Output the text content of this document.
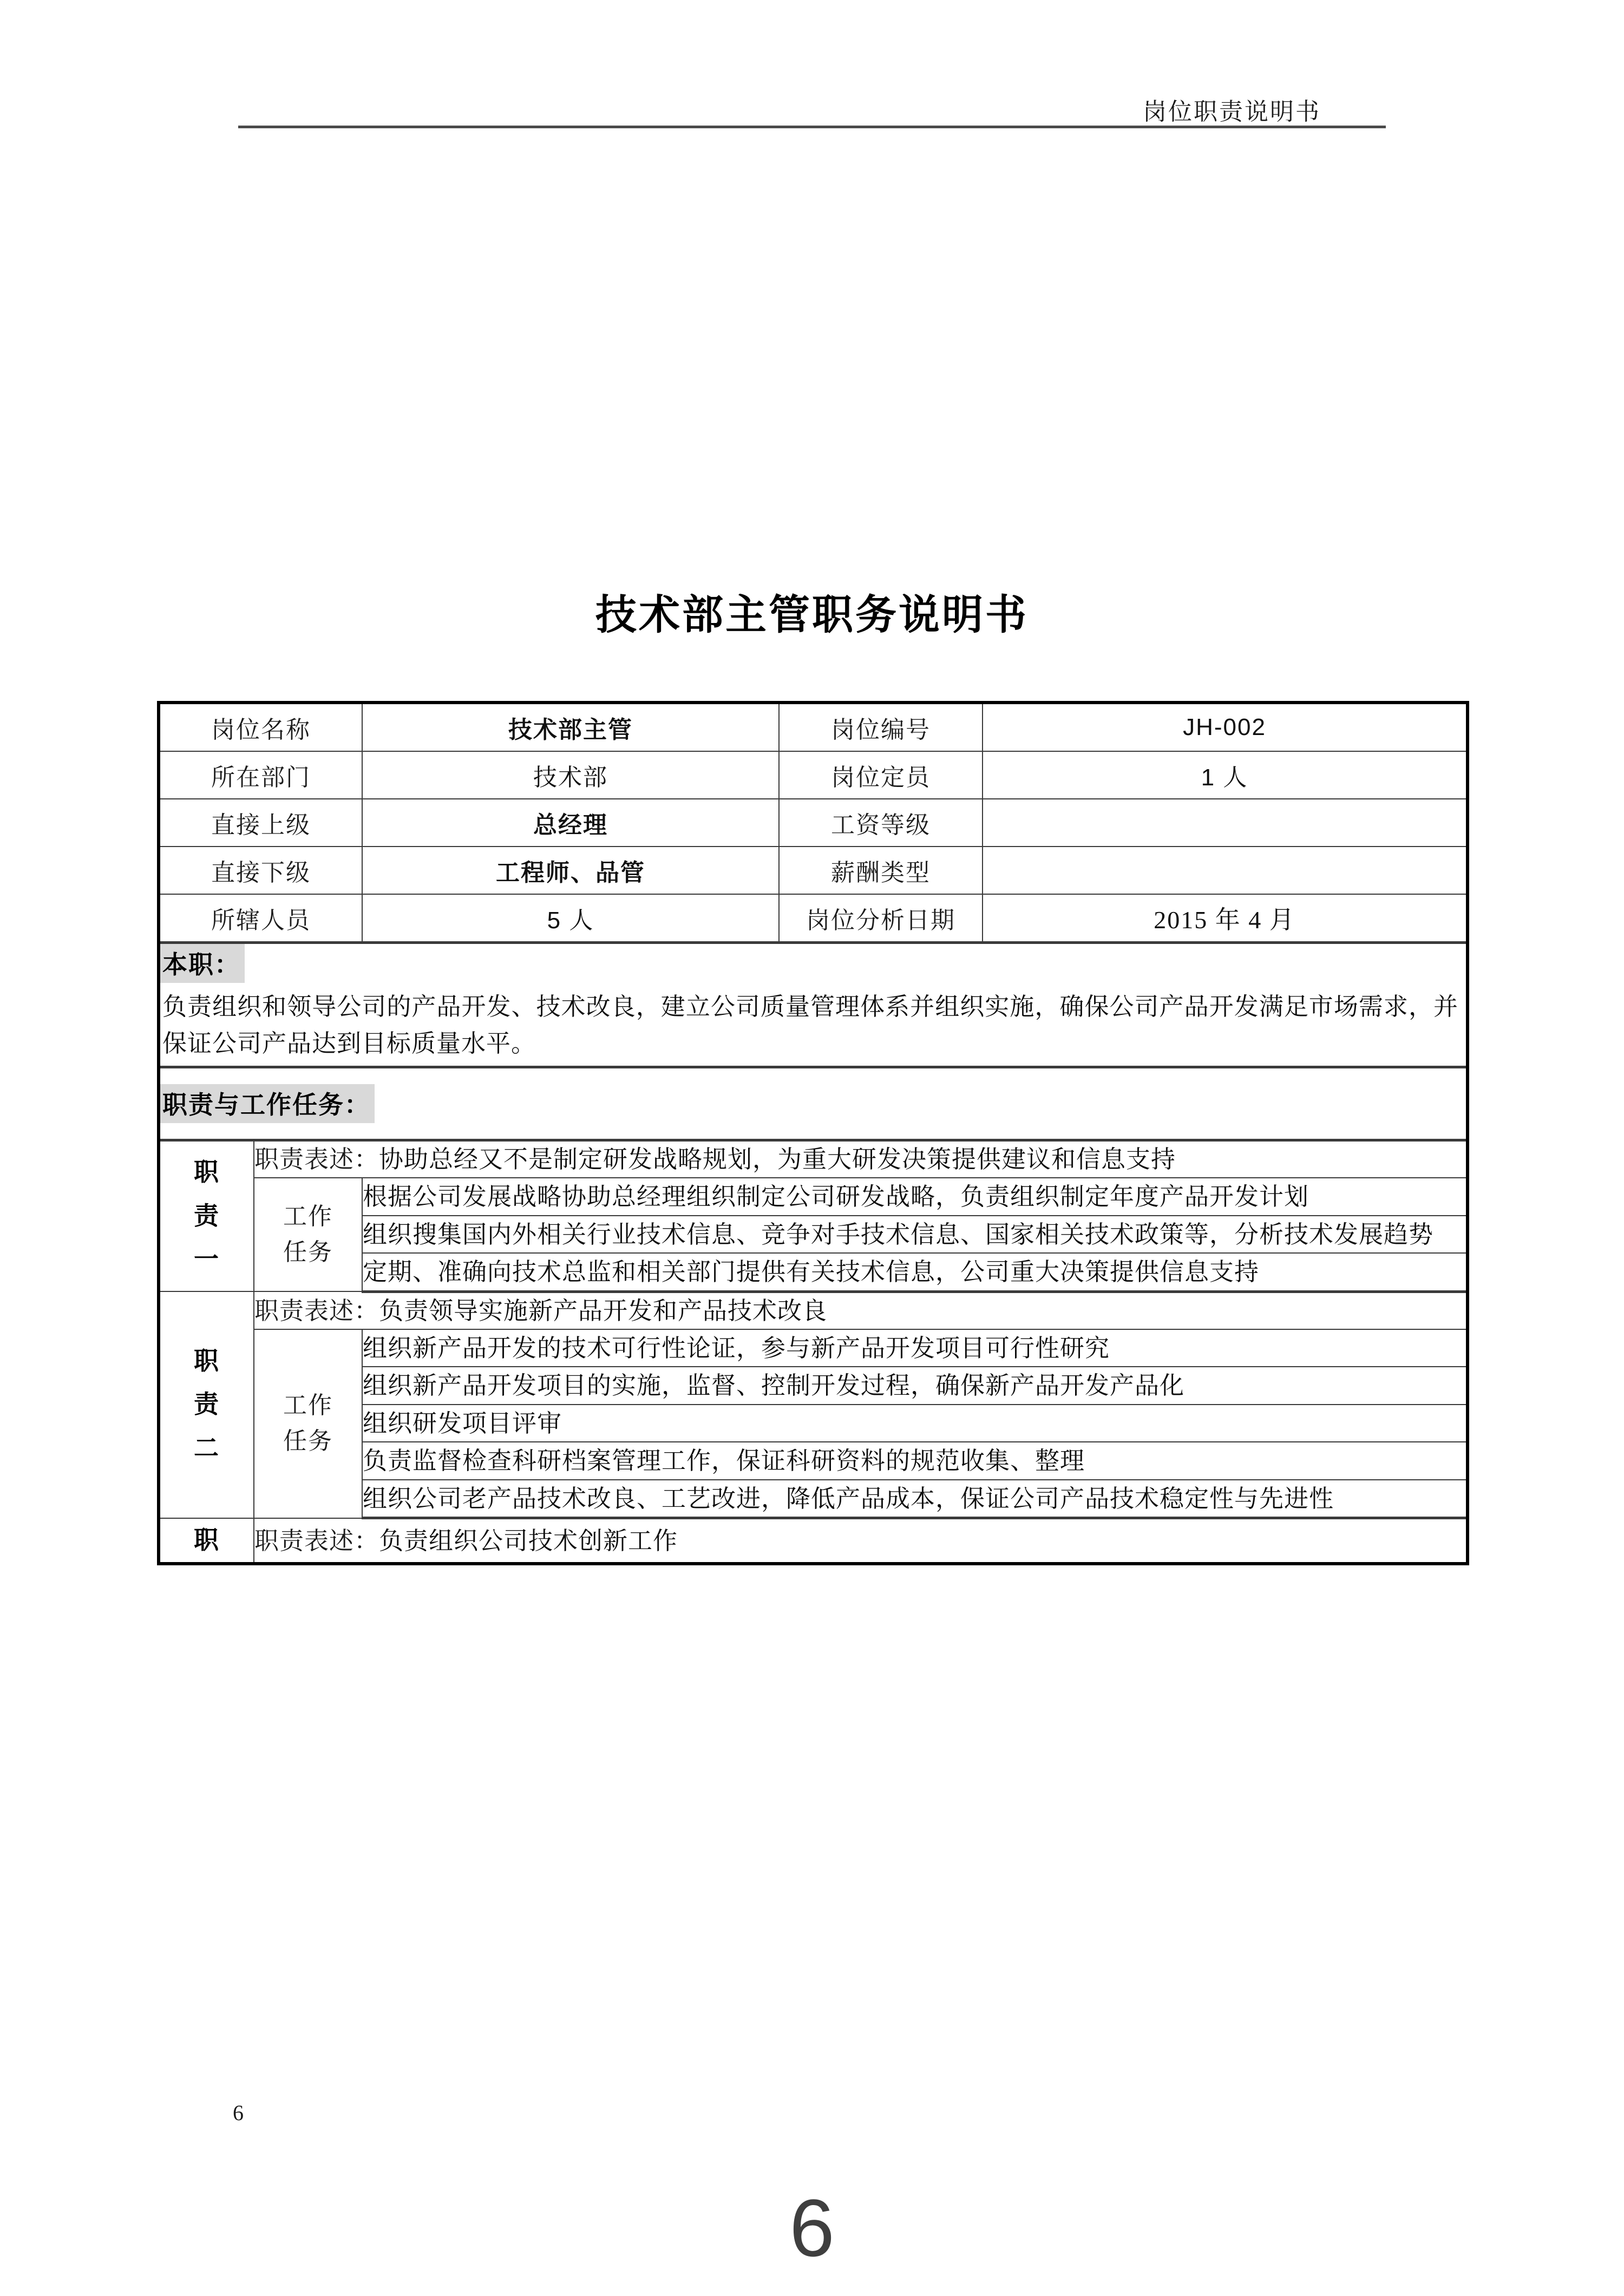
岗位职责说明书
技术部主管职务说明书
岗位名称		技术部主管	岗位编号	JH-002
所在部门		技术部	岗位定员	1 人
直接上级		总经理	工资等级	
直接下级		工程师、品管	薪酬类型	
所辖人员		5 人	岗位分析日期	2015 年 4 月
本职：
负责组织和领导公司的产品开发、技术改良，建立公司质量管理体系并组织实施，确保公司产品开发满足市场需求，并保证公司产品达到目标质量水平。				

职责与工作任务：				

职
责
一	职责表述：协助总经又不是制定研发战略规划，为重大研发决策提供建议和信息支持			

	工作
任务	根据公司发展战略协助总经理组织制定公司研发战略，负责组织制定年度产品开发计划		
		组织搜集国内外相关行业技术信息、竞争对手技术信息、国家相关技术政策等，分析技术发展趋势		
		定期、准确向技术总监和相关部门提供有关技术信息，公司重大决策提供信息支持		

职
责
二	职责表述：负责领导实施新产品开发和产品技术改良			

	工作
任务	组织新产品开发的技术可行性论证，参与新产品开发项目可行性研究		
		组织新产品开发项目的实施，监督、控制开发过程，确保新产品开发产品化		
		组织研发项目评审		
		负责监督检查科研档案管理工作，保证科研资料的规范收集、整理		
		组织公司老产品技术改良、工艺改进，降低产品成本，保证公司产品技术稳定性与先进性		

职	职责表述：负责组织公司技术创新工作			
6
6
